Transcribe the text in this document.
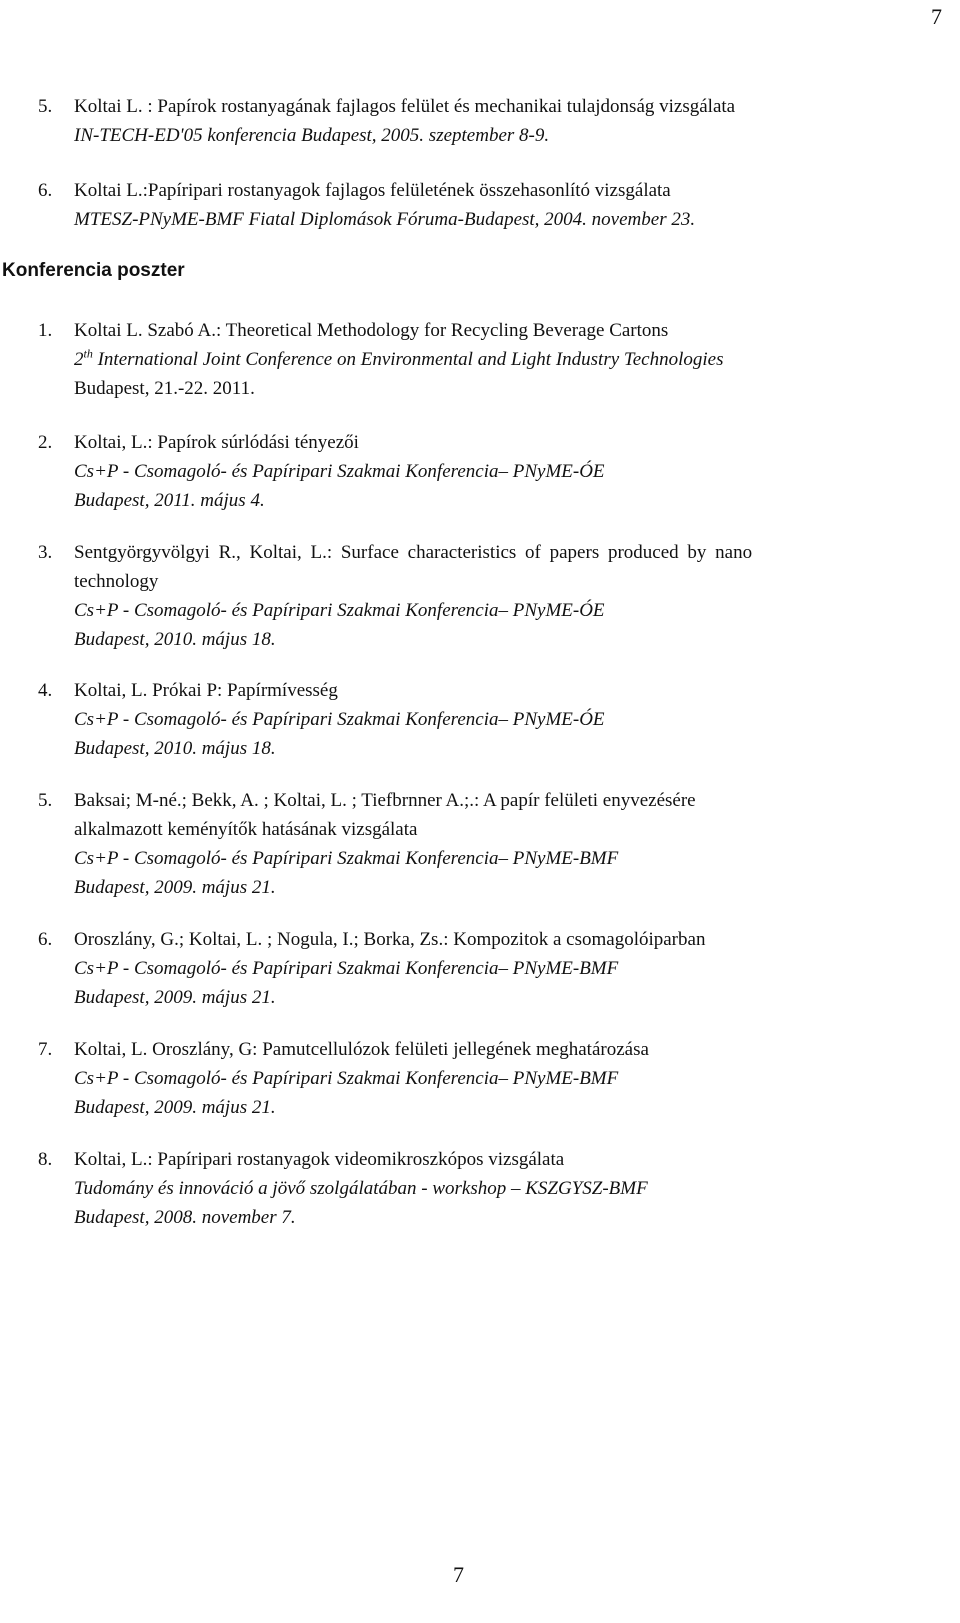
7
5. Koltai L. : Papírok rostanyagának fajlagos felület és mechanikai tulajdonság vizsgálata
IN-TECH-ED'05 konferencia Budapest, 2005. szeptember 8-9.
6. Koltai L.:Papíripari rostanyagok fajlagos felületének összehasonlító vizsgálata
MTESZ-PNyME-BMF Fiatal Diplomások Fóruma-Budapest, 2004. november 23.
Konferencia poszter
1. Koltai L. Szabó A.: Theoretical Methodology for Recycling Beverage Cartons
2th International Joint Conference on Environmental and Light Industry Technologies
Budapest, 21.-22. 2011.
2. Koltai, L.: Papírok súrlódási tényezői
Cs+P - Csomagoló- és Papíripari Szakmai Konferencia– PNyME-ÓE
Budapest, 2011. május 4.
3. Sentgyörgyvölgyi R., Koltai, L.: Surface characteristics of papers produced by nano
technology
Cs+P - Csomagoló- és Papíripari Szakmai Konferencia– PNyME-ÓE
Budapest, 2010. május 18.
4. Koltai, L. Prókai P: Papírmívesség
Cs+P - Csomagoló- és Papíripari Szakmai Konferencia– PNyME-ÓE
Budapest, 2010. május 18.
5. Baksai; M-né.; Bekk, A. ; Koltai, L. ; Tiefbrnner A.;.: A papír felületi enyvezésére
alkalmazott keményítők hatásának vizsgálata
Cs+P - Csomagoló- és Papíripari Szakmai Konferencia– PNyME-BMF
Budapest, 2009. május 21.
6. Oroszlány, G.; Koltai, L. ; Nogula, I.; Borka, Zs.: Kompozitok a csomagolóiparban
Cs+P - Csomagoló- és Papíripari Szakmai Konferencia– PNyME-BMF
Budapest, 2009. május 21.
7. Koltai, L. Oroszlány, G: Pamutcellulózok felületi jellegének meghatározása
Cs+P - Csomagoló- és Papíripari Szakmai Konferencia– PNyME-BMF
Budapest, 2009. május 21.
8. Koltai, L.: Papíripari rostanyagok videomikroszkópos vizsgálata
Tudomány és innováció a jövő szolgálatában - workshop – KSZGYSZ-BMF
Budapest, 2008. november 7.
7
